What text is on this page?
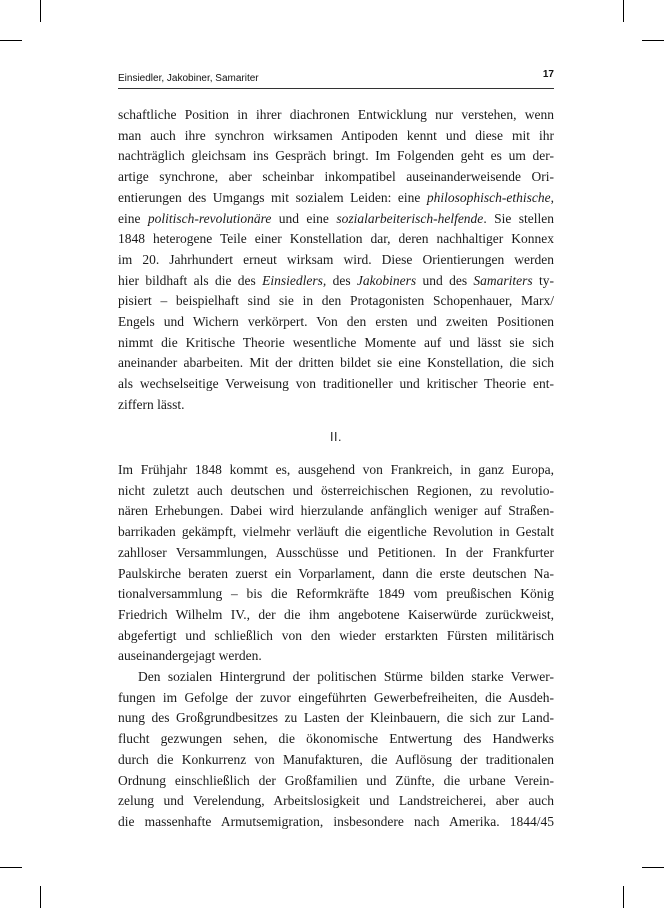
Einsiedler, Jakobiner, Samariter	17

schaftliche Position in ihrer diachronen Entwicklung nur verstehen, wenn
man auch ihre synchron wirksamen Antipoden kennt und diese mit ihr
nachträglich gleichsam ins Gespräch bringt. Im Folgenden geht es um der-
artige synchrone, aber scheinbar inkompatibel auseinanderweisende Ori-
entierungen des Umgangs mit sozialem Leiden: eine philosophisch-ethische,
eine politisch-revolutionäre und eine sozialarbeiterisch-helfende. Sie stellen
1848 heterogene Teile einer Konstellation dar, deren nachhaltiger Konnex
im 20. Jahrhundert erneut wirksam wird. Diese Orientierungen werden
hier bildhaft als die des Einsiedlers, des Jakobiners und des Samariters ty-
pisiert – beispielhaft sind sie in den Protagonisten Schopenhauer, Marx/
Engels und Wichern verkörpert. Von den ersten und zweiten Positionen
nimmt die Kritische Theorie wesentliche Momente auf und lässt sie sich
aneinander abarbeiten. Mit der dritten bildet sie eine Konstellation, die sich
als wechselseitige Verweisung von traditioneller und kritischer Theorie ent-
ziffern lässt.

II.

Im Frühjahr 1848 kommt es, ausgehend von Frankreich, in ganz Europa,
nicht zuletzt auch deutschen und österreichischen Regionen, zu revolutio-
nären Erhebungen. Dabei wird hierzulande anfänglich weniger auf Straßen-
barrikaden gekämpft, vielmehr verläuft die eigentliche Revolution in Gestalt
zahlloser Versammlungen, Ausschüsse und Petitionen. In der Frankfurter
Paulskirche beraten zuerst ein Vorparlament, dann die erste deutschen Na-
tionalversammlung – bis die Reformkräfte 1849 vom preußischen König
Friedrich Wilhelm IV., der die ihm angebotene Kaiserwürde zurückweist,
abgefertigt und schließlich von den wieder erstarkten Fürsten militärisch
auseinandergejagt werden.

Den sozialen Hintergrund der politischen Stürme bilden starke Verwer-
fungen im Gefolge der zuvor eingeführten Gewerbefreiheiten, die Ausdeh-
nung des Großgrundbesitzes zu Lasten der Kleinbauern, die sich zur Land-
flucht gezwungen sehen, die ökonomische Entwertung des Handwerks
durch die Konkurrenz von Manufakturen, die Auflösung der traditionalen
Ordnung einschließlich der Großfamilien und Zünfte, die urbane Verein-
zelung und Verelendung, Arbeitslosigkeit und Landstreicherei, aber auch
die massenhafte Armutsemigration, insbesondere nach Amerika. 1844/45
